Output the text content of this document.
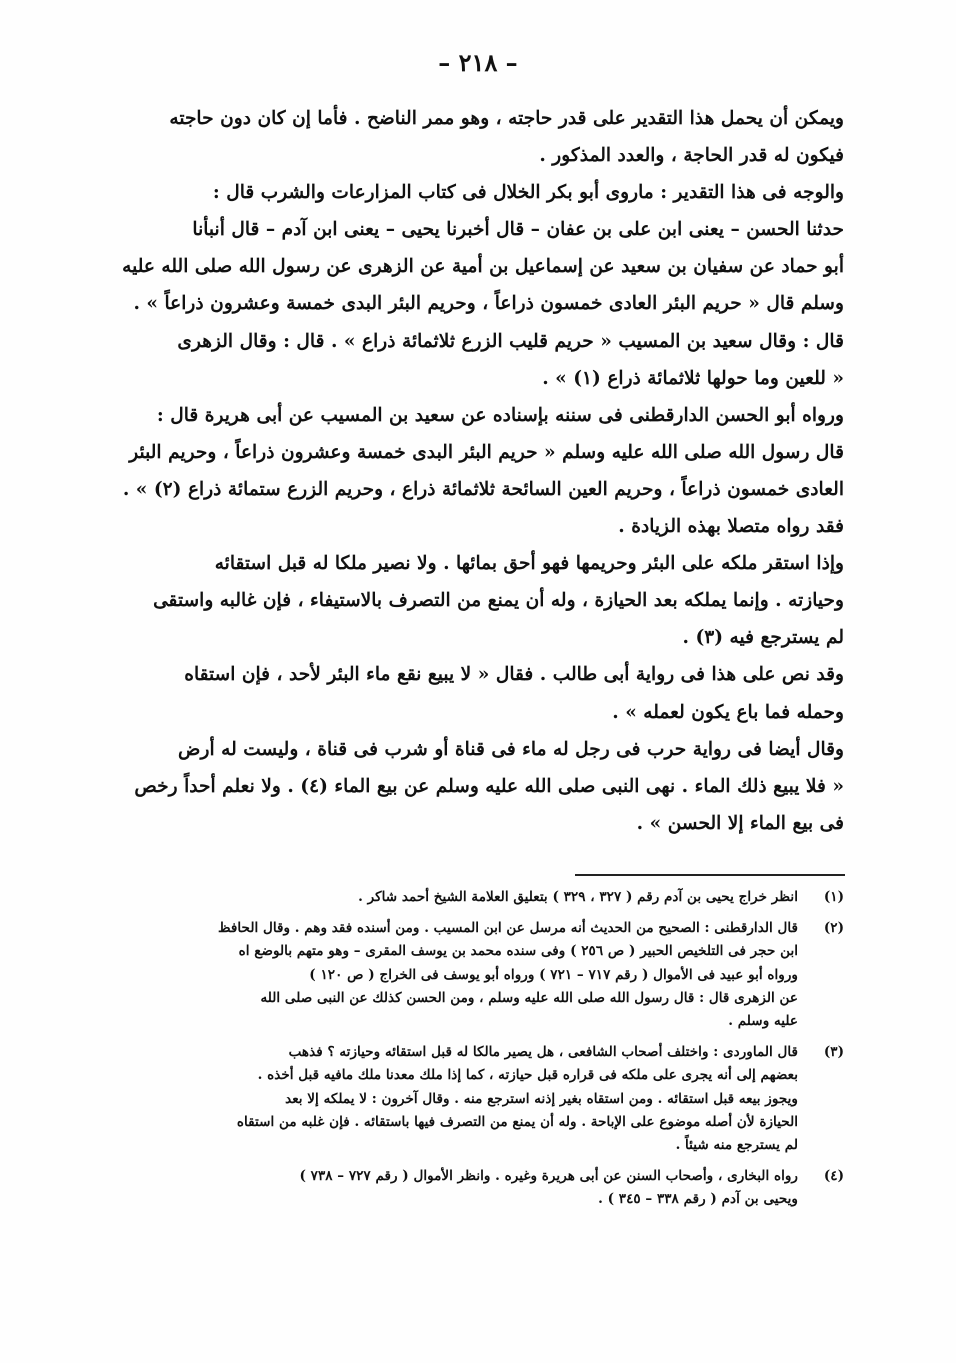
– ٢١٨ –

ويمكن أن يحمل هذا التقدير على قدر حاجته ، وهو ممر الناضح . فأما إن كان دون حاجته

فيكون له قدر الحاجة ، والعدد المذكور .

والوجه فى هذا التقدير : ماروى أبو بكر الخلال فى كتاب المزارعات والشرب قال :

حدثنا الحسن – يعنى ابن على بن عفان – قال أخبرنا يحيى – يعنى ابن آدم – قال أنبأنا

أبو حماد عن سفيان بن سعيد عن إسماعيل بن أمية عن الزهرى عن رسول الله صلى الله عليه

وسلم قال « حريم البئر العادى خمسون ذراعاً ، وحريم البئر البدى خمسة وعشرون ذراعاً » .

قال : وقال سعيد بن المسيب « حريم قليب الزرع ثلاثمائة ذراع » . قال : وقال الزهرى

« للعين وما حولها ثلاثمائة ذراع (١) » .

ورواه أبو الحسن الدارقطنى فى سننه بإسناده عن سعيد بن المسيب عن أبى هريرة قال :

قال رسول الله صلى الله عليه وسلم « حريم البئر البدى خمسة وعشرون ذراعاً ، وحريم البئر

العادى خمسون ذراعاً ، وحريم العين السائحة ثلاثمائة ذراع ، وحريم الزرع ستمائة ذراع (٢) » .

فقد رواه متصلا بهذه الزيادة .

وإذا استقر ملكه على البئر وحريمها فهو أحق بمائها . ولا نصير ملكا له قبل استقائه

وحيازته . وإنما يملكه بعد الحيازة ، وله أن يمنع من التصرف بالاستيفاء ، فإن غالبه واستقى

لم يسترجع فيه (٣) .

وقد نص على هذا فى رواية أبى طالب . فقال « لا يبيع نقع ماء البئر لأحد ، فإن استقاه

وحمله فما باع يكون لعمله » .

وقال أيضا فى رواية حرب فى رجل له ماء فى قناة أو شرب فى قناة ، وليست له أرض

« فلا يبيع ذلك الماء . نهى النبى صلى الله عليه وسلم عن بيع الماء (٤) . ولا نعلم أحداً رخص

فى بيع الماء إلا الحسن » .

(١)
انظر خراج يحيى بن آدم رقم ( ٣٢٧ ، ٣٢٩ ) بتعليق العلامة الشيخ أحمد شاكر .
(٢)
قال الدارقطنى : الصحيح من الحديث أنه مرسل عن ابن المسيب . ومن أسنده فقد وهم . وقال الحافظ
ابن حجر فى التلخيص الحبير ( ص ٢٥٦ ) وفى سنده محمد بن يوسف المقرى – وهو متهم بالوضع اه
ورواه أبو عبيد فى الأموال ( رقم ٧١٧ – ٧٢١ ) ورواه أبو يوسف فى الخراج ( ص ١٢٠ )
عن الزهرى قال : قال رسول الله صلى الله عليه وسلم ، ومن الحسن كذلك عن النبى صلى الله
عليه وسلم .
(٣)
قال الماوردى : واختلف أصحاب الشافعى ، هل يصير مالكا له قبل استقائه وحيازته ؟ فذهب
بعضهم إلى أنه يجرى على ملكه فى قراره قبل حيازته ، كما إذا ملك معدنا ملك مافيه قبل أخذه .
ويجوز بيعه قبل استقائه . ومن استقاه بغير إذنه استرجع منه . وقال آخرون : لا يملكه إلا بعد
الحيازة لأن أصله موضوع على الإباحة . وله أن يمنع من التصرف فيها باستقائه . فإن غلبه من استقاه
لم يسترجع منه شيئاً .
(٤)
رواه البخارى ، وأصحاب السنن عن أبى هريرة وغيره . وانظر الأموال ( رقم ٧٢٧ – ٧٣٨ )
ويحيى بن آدم ( رقم ٣٣٨ – ٣٤٥ ) .
